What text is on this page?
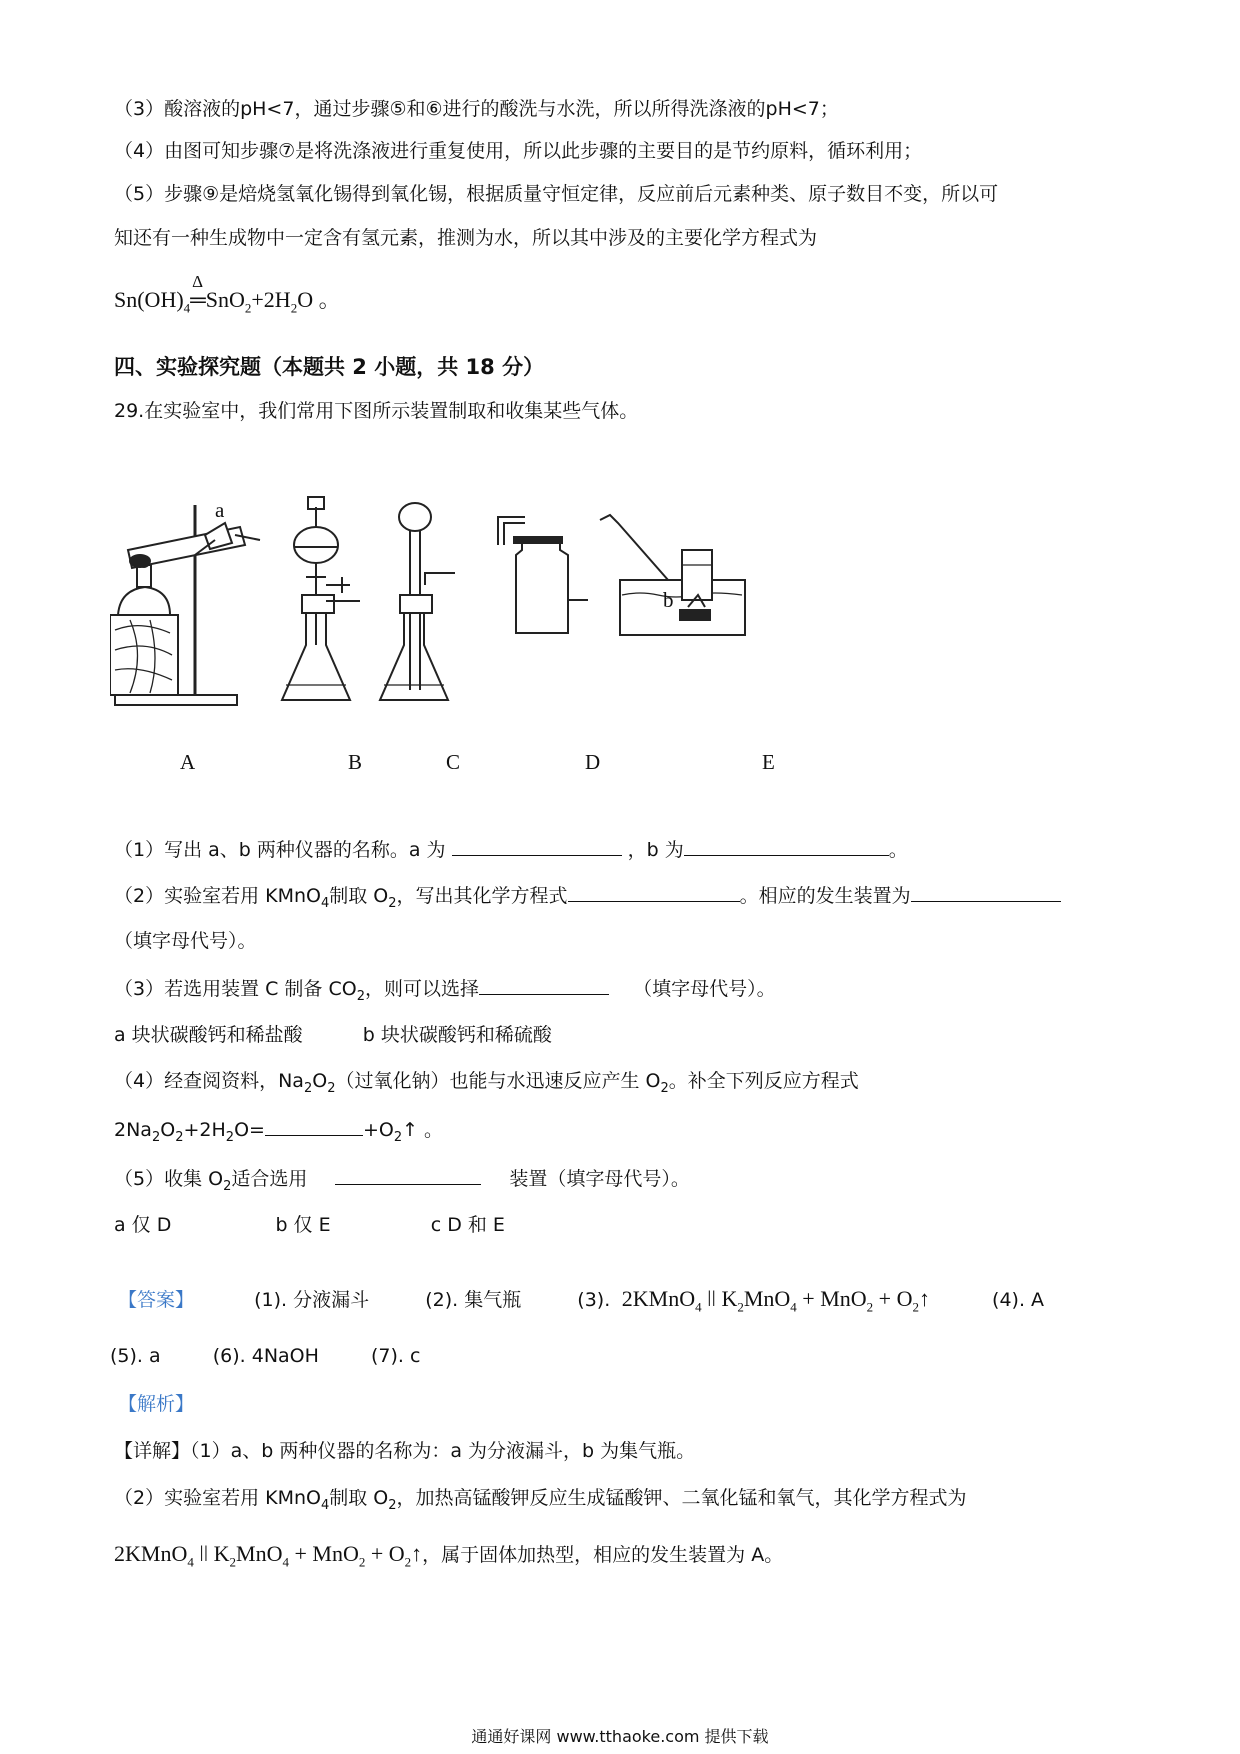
（3）酸溶液的pH<7，通过步骤⑤和⑥进行的酸洗与水洗，所以所得洗涤液的pH<7；
（4）由图可知步骤⑦是将洗涤液进行重复使用，所以此步骤的主要目的是节约原料，循环利用；
（5）步骤⑨是焙烧氢氧化锡得到氧化锡，根据质量守恒定律，反应前后元素种类、原子数目不变，所以可
知还有一种生成物中一定含有氢元素，推测为水，所以其中涉及的主要化学方程式为
$Sn(OH)_4$
Δ
$═SnO_2+2H_2O$ 。
四、实验探究题（本题共 2 小题，共 18 分）
29.在实验室中，我们常用下图所示装置制取和收集某些气体。
a
b
A	B	C	D	E
（1）写出 a、b 两种仪器的名称。a 为	，b 为	。
（2）实验室若用 KMnO$_4$制取 $O_2$，写出其化学方程式	。相应的发生装置为
（填字母代号）。
（3）若选用装置 C 制备 $CO_2$，则可以选择	（填字母代号）。
a 块状碳酸钙和稀盐酸	b 块状碳酸钙和稀硫酸
（4）经查阅资料，$Na_2O_2$（过氧化钠）也能与水迅速反应产生 $O_2$。补全下列反应方程式
$2Na_2O_2+2H_2O=$	$+O_2↑$ 。
（5）收集 $O_2$适合选用	装置（填字母代号）。
a 仅 D	b 仅 E	c D 和 E
【答案】	(1). 分液漏斗	(2). 集气瓶	(3).  2KMnO$_4$ ǀǀ $K_2MnO_4 + MnO_2$ + $O_2↑$	(4). A
(5). a	(6). 4NaOH	(7). c
【解析】
【详解】（1）a、b 两种仪器的名称为：a 为分液漏斗，b 为集气瓶。
（2）实验室若用 KMnO$_4$制取 $O_2$，加热高锰酸钾反应生成锰酸钾、二氧化锰和氧气，其化学方程式为
2KMnO$_4$ ǀǀ $K_2MnO_4 + MnO_2$ + $O_2↑$，属于固体加热型，相应的发生装置为 A。
通通好课网 www.tthaoke.com 提供下载
